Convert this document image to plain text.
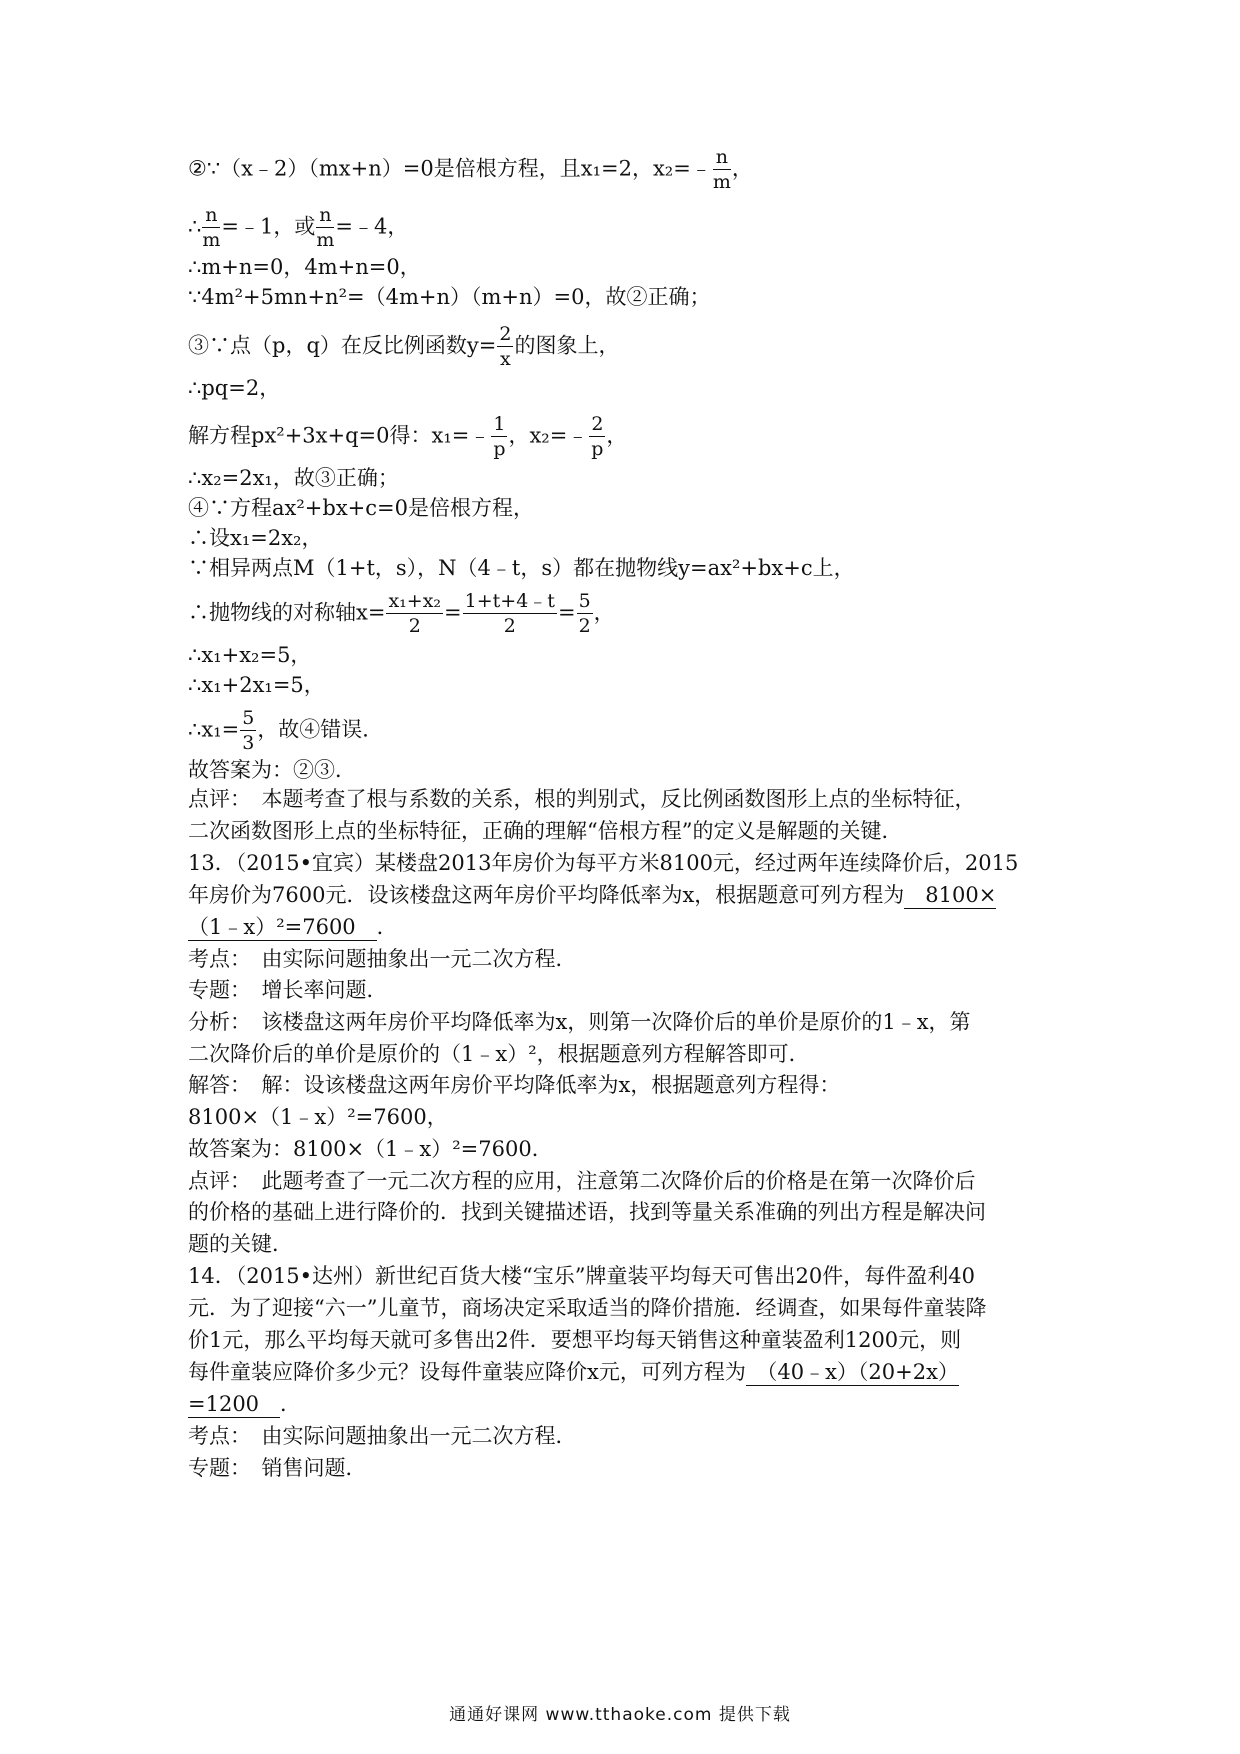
②∵（x﹣2）（mx+n）=0是倍根方程，且x₁=2，x₂=﹣ $\frac{n}{m}$ ，
∴ $\frac{n}{m}$ =﹣1，或 $\frac{n}{m}$ =﹣4，
∴m+n=0，4m+n=0，
∵4m²+5mn+n²=（4m+n）（m+n）=0，故②正确；
③∵点（p，q）在反比例函数$y= \frac{2}{x}$ 的图象上，
∴pq=2，
解方程px²+3x+q=0得：x₁=﹣ $\frac{1}{p}$ ，x₂=﹣ $\frac{2}{p}$ ，
∴x₂=2x₁，故③正确；
④∵方程ax²+bx+c=0是倍根方程，
∴设x₁=2x₂，
∵相异两点M（1+t，s），N（4﹣t，s）都在抛物线y=ax²+bx+c上，
∴抛物线的对称轴$x= \frac{\text{x₁+x₂}}{2} = \frac{1+t+4﹣t}{2} = \frac{5}{2}$ ，
∴x₁+x₂=5，
∴x₁+2x₁=5，
∴x₁= $\frac{5}{3}$ ，故④错误．
故答案为：②③．
点评：　本题考查了根与系数的关系，根的判别式，反比例函数图形上点的坐标特征，
二次函数图形上点的坐标特征，正确的理解“倍根方程”的定义是解题的关键．
13．（2015•宜宾）某楼盘2013年房价为每平方米8100元，经过两年连续降价后，2015
年房价为7600元．设该楼盘这两年房价平均降低率为x，根据题意可列方程为　8100×
（1﹣x）²=7600　．
考点：　由实际问题抽象出一元二次方程．
专题：　增长率问题．
分析：　该楼盘这两年房价平均降低率为x，则第一次降价后的单价是原价的1﹣x，第
二次降价后的单价是原价的（1﹣x）²，根据题意列方程解答即可．
解答：　解：设该楼盘这两年房价平均降低率为x，根据题意列方程得：
8100×（1﹣x）²=7600，
故答案为：8100×（1﹣x）²=7600．
点评：　此题考查了一元二次方程的应用，注意第二次降价后的价格是在第一次降价后
的价格的基础上进行降价的．找到关键描述语，找到等量关系准确的列出方程是解决问
题的关键．
14．（2015•达州）新世纪百货大楼“宝乐”牌童装平均每天可售出20件，每件盈利40
元．为了迎接“六一”儿童节，商场决定采取适当的降价措施．经调查，如果每件童装降
价1元，那么平均每天就可多售出2件．要想平均每天销售这种童装盈利1200元，则
每件童装应降价多少元？设每件童装应降价x元，可列方程为　（40﹣x）（20+2x）
=1200　．
考点：　由实际问题抽象出一元二次方程．
专题：　销售问题．
通通好课网 www.tthaoke.com 提供下载
